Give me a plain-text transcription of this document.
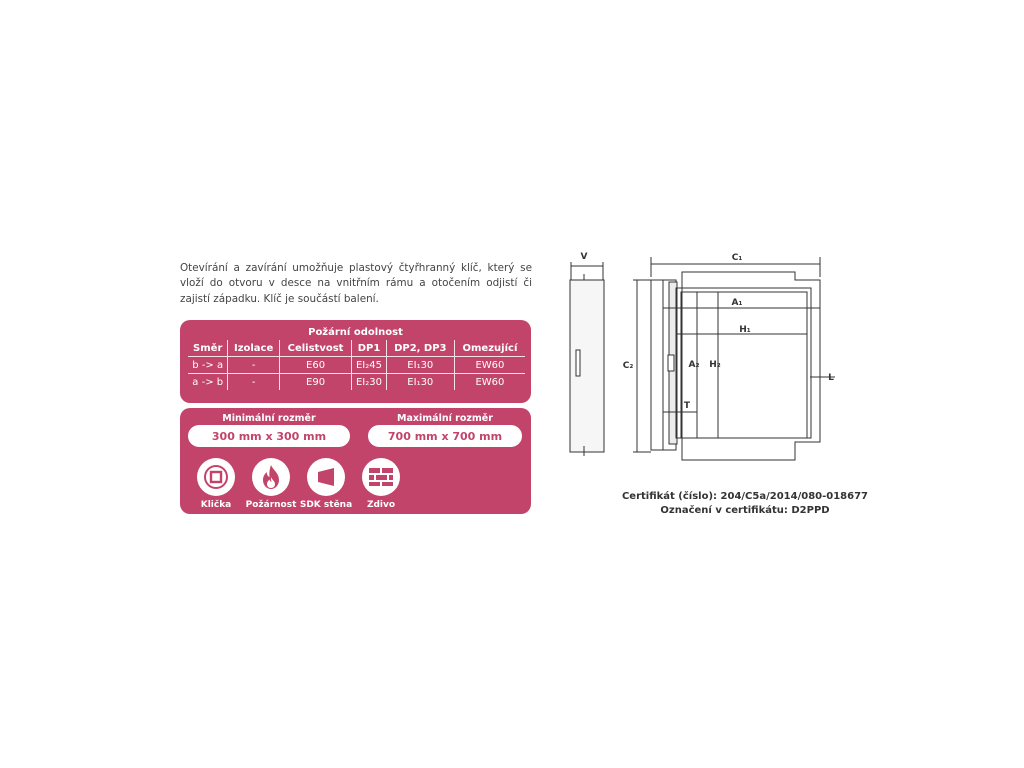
Otevírání a zavírání umožňuje plastový čtyřhranný klíč, který se vloží do otvoru v desce na vnitřním rámu a otočením odjistí či zajistí západku. Klíč je součástí balení.
Požární odolnost
Směr	Izolace	Celistvost	DP1	DP2, DP3	Omezující
b -> a	-	E60	EI₂45	EI₁30	EW60
a -> b	-	E90	EI₂30	EI₁30	EW60
Minimální rozměr
300 mm x 300 mm
Maximální rozměr
700 mm x 700 mm
Klička	Požárnost SDK stěna	Zdivo
V	C₁
C₂
A₁
A₂
H₁
H₂
T
L
Certifikát (číslo): 204/C5a/2014/080-018677
Označení v certifikátu: D2PPD
